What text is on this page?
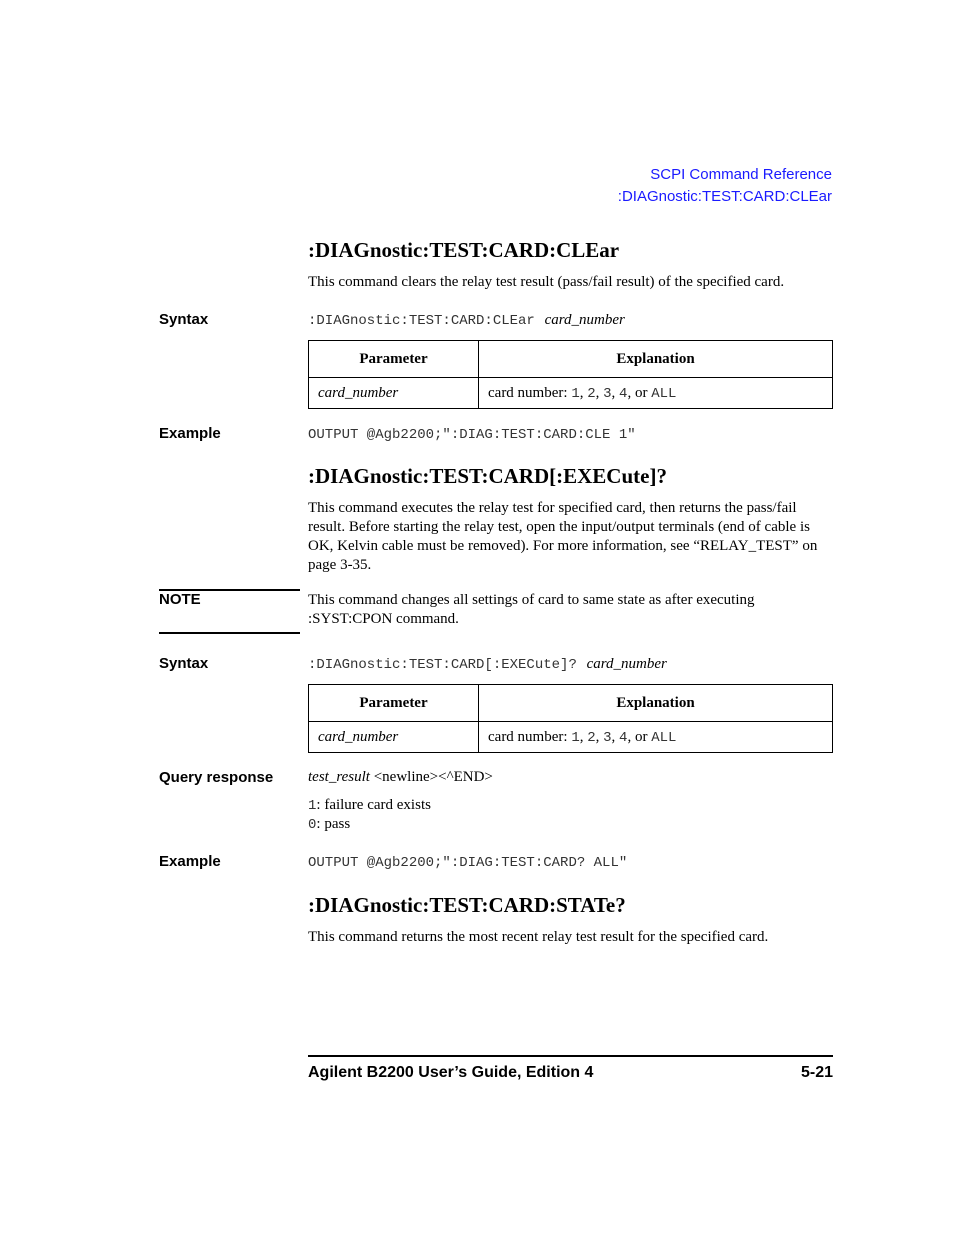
SCPI Command Reference
:DIAGnostic:TEST:CARD:CLEar
:DIAGnostic:TEST:CARD:CLEar
This command clears the relay test result (pass/fail result) of the specified card.
Syntax	:DIAGnostic:TEST:CARD:CLEar card_number
Parameter	Explanation
card_number	card number: 1, 2, 3, 4, or ALL
Example	OUTPUT @Agb2200;":DIAG:TEST:CARD:CLE 1"
:DIAGnostic:TEST:CARD[:EXECute]?
This command executes the relay test for specified card, then returns the pass/fail result. Before starting the relay test, open the input/output terminals (end of cable is OK, Kelvin cable must be removed). For more information, see “RELAY_TEST” on page 3-35.
NOTE	This command changes all settings of card to same state as after executing :SYST:CPON command.
Syntax	:DIAGnostic:TEST:CARD[:EXECute]? card_number
Parameter	Explanation
card_number	card number: 1, 2, 3, 4, or ALL
Query response test_result <newline><^END>
1: failure card exists
0: pass
Example	OUTPUT @Agb2200;":DIAG:TEST:CARD? ALL"
:DIAGnostic:TEST:CARD:STATe?
This command returns the most recent relay test result for the specified card.
Agilent B2200 User’s Guide, Edition 4	5-21
